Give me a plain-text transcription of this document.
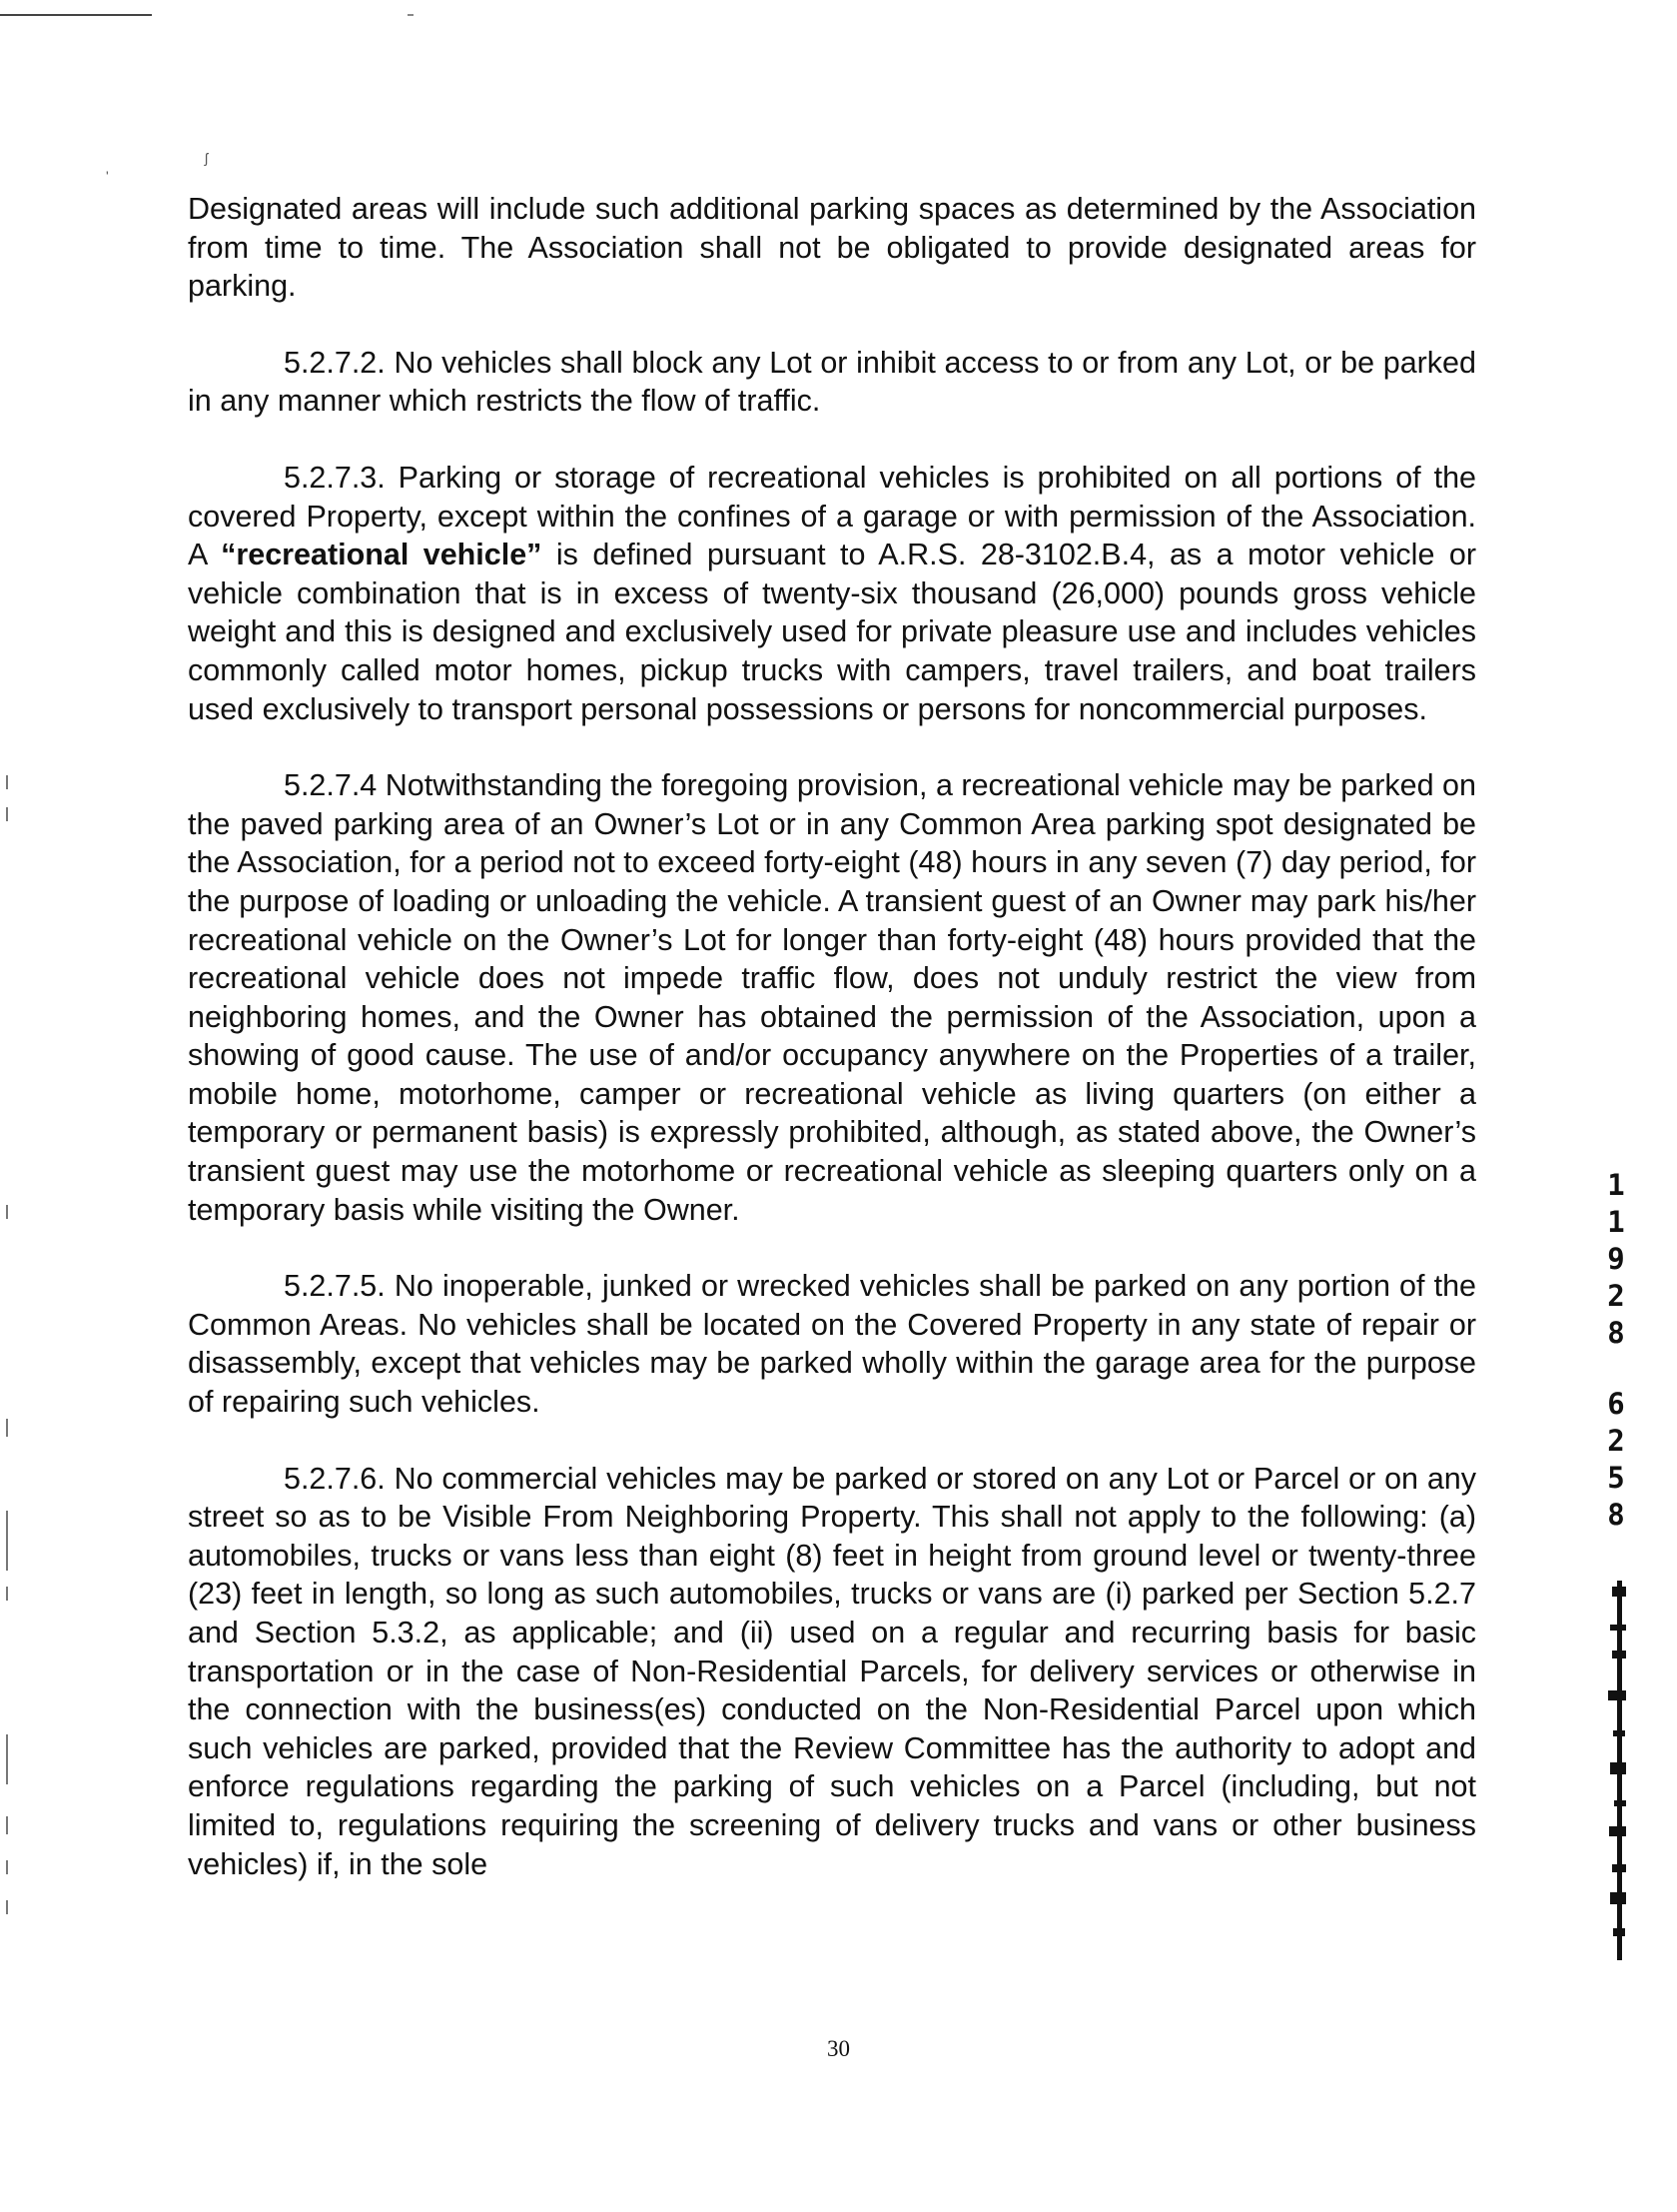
ʃ
'

Designated areas will include such additional parking spaces as determined by the Association from time to time. The Association shall not be obligated to provide designated areas for parking.

5.2.7.2. No vehicles shall block any Lot or inhibit access to or from any Lot, or be parked in any manner which restricts the flow of traffic.

5.2.7.3. Parking or storage of recreational vehicles is prohibited on all portions of the covered Property, except within the confines of a garage or with permission of the Association. A “recreational vehicle” is defined pursuant to A.R.S. 28-3102.B.4, as a motor vehicle or vehicle combination that is in excess of twenty-six thousand (26,000) pounds gross vehicle weight and this is designed and exclusively used for private pleasure use and includes vehicles commonly called motor homes, pickup trucks with campers, travel trailers, and boat trailers used exclusively to transport personal possessions or persons for noncommercial purposes.

5.2.7.4 Notwithstanding the foregoing provision, a recreational vehicle may be parked on the paved parking area of an Owner’s Lot or in any Common Area parking spot designated be the Association, for a period not to exceed forty-eight (48) hours in any seven (7) day period, for the purpose of loading or unloading the vehicle. A transient guest of an Owner may park his/her recreational vehicle on the Owner’s Lot for longer than forty-eight (48) hours provided that the recreational vehicle does not impede traffic flow, does not unduly restrict the view from neighboring homes, and the Owner has obtained the permission of the Association, upon a showing of good cause. The use of and/or occupancy anywhere on the Properties of a trailer, mobile home, motorhome, camper or recreational vehicle as living quarters (on either a temporary or permanent basis) is expressly prohibited, although, as stated above, the Owner’s transient guest may use the motorhome or recreational vehicle as sleeping quarters only on a temporary basis while visiting the Owner.

5.2.7.5. No inoperable, junked or wrecked vehicles shall be parked on any portion of the Common Areas. No vehicles shall be located on the Covered Property in any state of repair or disassembly, except that vehicles may be parked wholly within the garage area for the purpose of repairing such vehicles.

5.2.7.6. No commercial vehicles may be parked or stored on any Lot or Parcel or on any street so as to be Visible From Neighboring Property. This shall not apply to the following: (a) automobiles, trucks or vans less than eight (8) feet in height from ground level or twenty-three (23) feet in length, so long as such automobiles, trucks or vans are (i) parked per Section 5.2.7 and Section 5.3.2, as applicable; and (ii) used on a regular and recurring basis for basic transportation or in the case of Non-Residential Parcels, for delivery services or otherwise in the connection with the business(es) conducted on the Non-Residential Parcel upon which such vehicles are parked, provided that the Review Committee has the authority to adopt and enforce regulations regarding the parking of such vehicles on a Parcel (including, but not limited to, regulations requiring the screening of delivery trucks and vans or other business vehicles) if, in the sole

30
1
1
9
2
8
6
2
5
8
